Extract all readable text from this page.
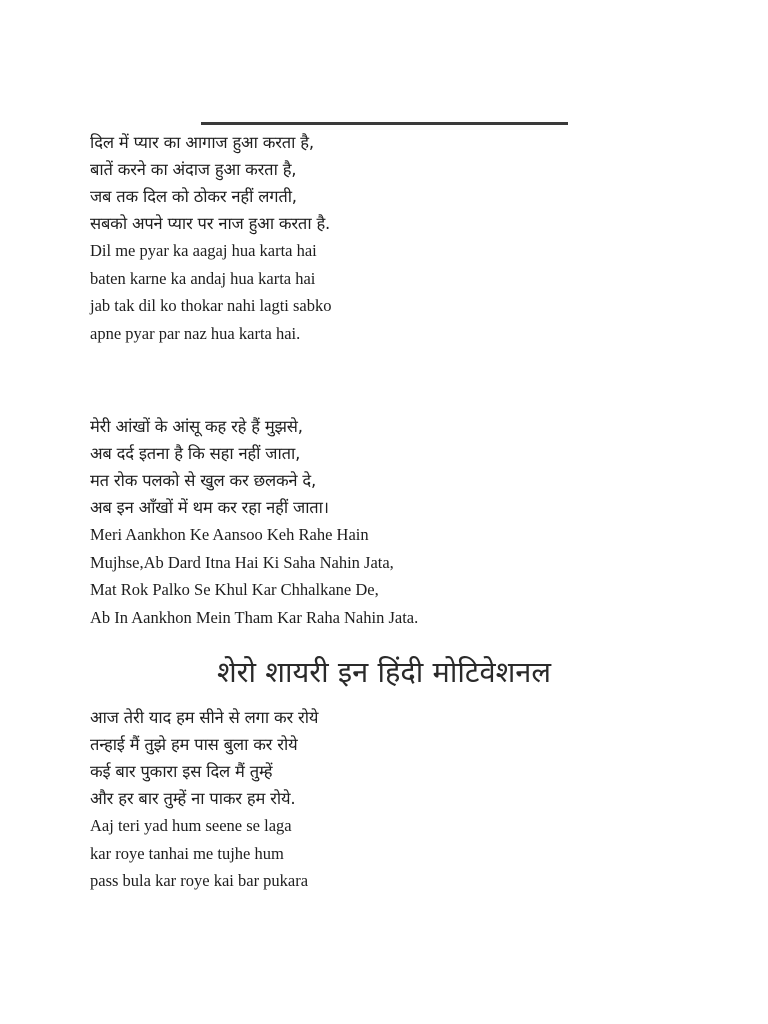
दिल में प्यार का आगाज हुआ करता है,
बातें करने का अंदाज हुआ करता है,
जब तक दिल को ठोकर नहीं लगती,
सबको अपने प्यार पर नाज हुआ करता है.
Dil me pyar ka aagaj hua karta hai
baten karne ka andaj hua karta hai
jab tak dil ko thokar nahi lagti sabko
apne pyar par naz hua karta hai.
मेरी आंखों के आंसू कह रहे हैं मुझसे,
अब दर्द इतना है कि सहा नहीं जाता,
मत रोक पलको से खुल कर छलकने दे,
अब इन आँखों में थम कर रहा नहीं जाता।
Meri Aankhon Ke Aansoo Keh Rahe Hain
Mujhse,Ab Dard Itna Hai Ki Saha Nahin Jata,
Mat Rok Palko Se Khul Kar Chhalkane De,
Ab In Aankhon Mein Tham Kar Raha Nahin Jata.
शेरो शायरी इन हिंदी मोटिवेशनल
आज तेरी याद हम सीने से लगा कर रोये
तन्हाई मैं तुझे हम पास बुला कर रोये
कई बार पुकारा इस दिल मैं तुम्हें
और हर बार तुम्हें ना पाकर हम रोये.
Aaj teri yad hum seene se laga
kar roye tanhai me tujhe hum
pass bula kar roye kai bar pukara
